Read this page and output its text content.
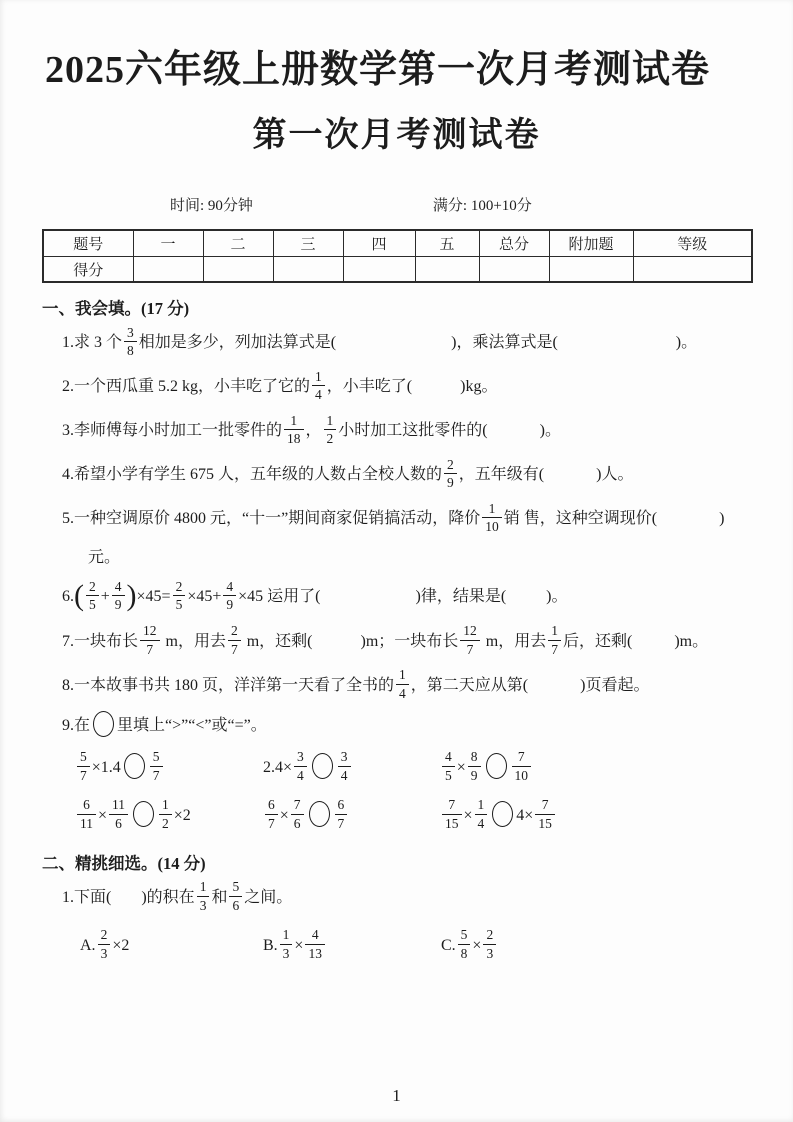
2025六年级上册数学第一次月考测试卷
第一次月考测试卷
时间: 90分钟	满分: 100+10分
题号	一	二	三	四	五	总分	附加题	等级
得分								
一、我会填。(17 分)
1.求 3 个 $\frac{3}{8}$ 相加是多少，列加法算式是(	)，乘法算式是(	)。
2.一个西瓜重 5.2 kg，小丰吃了它的 $\frac{1}{4}$ ，小丰吃了(	)kg。
3.李师傅每小时加工一批零件的 $\frac{1}{18}$ ， $\frac{1}{2}$ 小时加工这批零件的(	)。
4.希望小学有学生 675 人，五年级的人数占全校人数的 $\frac{2}{9}$ ，五年级有(	)人。
5.一种空调原价 4800 元，“十一”期间商家促销搞活动，降价 $\frac{1}{10}$ 销 售，这种空调现价(	)
元。
$6.( \frac{2}{5} + \frac{4}{9} )\times 45= \frac{2}{5} \times 45+ \frac{4}{9} \times 45$ 运用了(	)律，结果是(	)。
7.一块布长 $\frac{12}{7}$ m，用去 $\frac{2}{7}$ m，还剩(	)m；一块布长 $\frac{12}{7}$ m，用去 $\frac{1}{7}$ 后，还剩(	)m。
8.一本故事书共 180 页，洋洋第一天看了全书的 $\frac{1}{4}$ ，第二天应从第(	)页看起。
9.在 里填上“>”“<”或“=”。
$\frac{5}{7} \times 1.4 \frac{5}{7}$	$2.4\times \frac{3}{4} \frac{3}{4}$	$\frac{4}{5} \times \frac{8}{9} \frac{7}{10}$
$\frac{6}{11} \times \frac{11}{6} \frac{1}{2} \times 2$	$\frac{6}{7} \times \frac{7}{6} \frac{6}{7}$	$\frac{7}{15} \times \frac{1}{4} 4\times \frac{7}{15}$
二、精挑细选。(14 分)
1.下面( )的积在 $\frac{1}{3}$ 和 $\frac{5}{6}$ 之间。
A. $\frac{2}{3} \times 2$	B. $\frac{1}{3} \times \frac{4}{13}$	C. $\frac{5}{8} \times \frac{2}{3}$
1
